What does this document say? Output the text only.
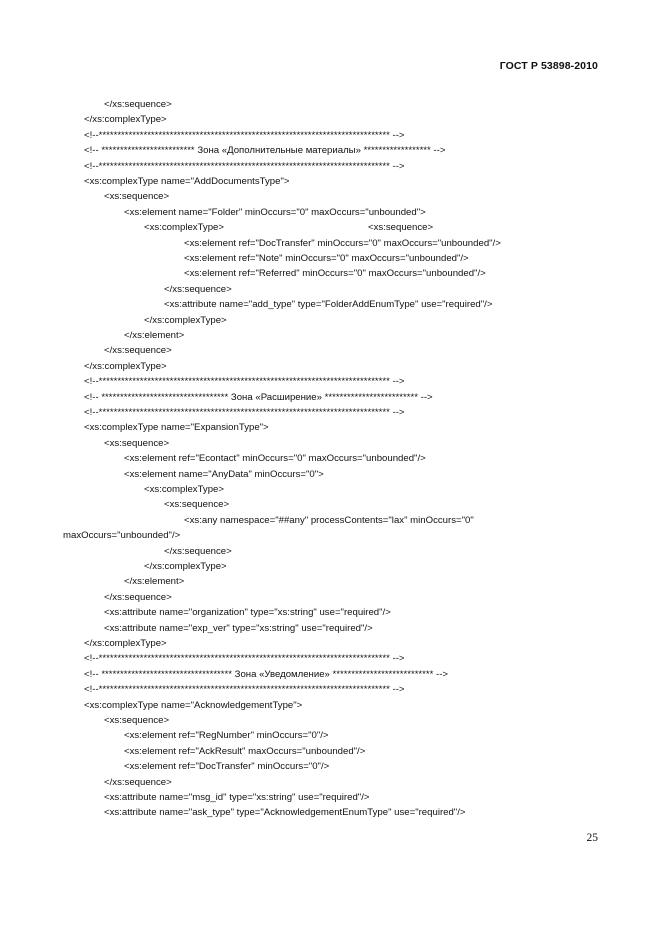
ГОСТ Р 53898-2010
</xs:sequence>
</xs:complexType>
<!--****************************************************************************** -->
<!-- ************************* Зона «Дополнительные материалы» ****************** -->
<!--****************************************************************************** -->
<xs:complexType name="AddDocumentsType">
<xs:sequence>
<xs:element name="Folder" minOccurs="0" maxOccurs="unbounded">
<xs:complexType>	<xs:sequence>
<xs:element ref="DocTransfer" minOccurs="0" maxOccurs="unbounded"/>
<xs:element ref="Note" minOccurs="0" maxOccurs="unbounded"/>
<xs:element ref="Referred" minOccurs="0" maxOccurs="unbounded"/>
</xs:sequence>
<xs:attribute name="add_type" type="FolderAddEnumType" use="required"/>
</xs:complexType>
</xs:element>
</xs:sequence>
</xs:complexType>
<!--****************************************************************************** -->
<!-- ********************************** Зона «Расширение» ************************* -->
<!--****************************************************************************** -->
<xs:complexType name="ExpansionType">
<xs:sequence>
<xs:element ref="Econtact" minOccurs="0" maxOccurs="unbounded"/>
<xs:element name="AnyData" minOccurs="0">
<xs:complexType>
<xs:sequence>
<xs:any namespace="##any" processContents="lax" minOccurs="0"
maxOccurs="unbounded"/>
</xs:sequence>
</xs:complexType>
</xs:element>
</xs:sequence>
<xs:attribute name="organization" type="xs:string" use="required"/>
<xs:attribute name="exp_ver" type="xs:string" use="required"/>
</xs:complexType>
<!--****************************************************************************** -->
<!-- *********************************** Зона «Уведомление» *************************** -->
<!--****************************************************************************** -->
<xs:complexType name="AcknowledgementType">
<xs:sequence>
<xs:element ref="RegNumber" minOccurs="0"/>
<xs:element ref="AckResult" maxOccurs="unbounded"/>
<xs:element ref="DocTransfer" minOccurs="0"/>
</xs:sequence>
<xs:attribute name="msg_id" type="xs:string" use="required"/>
<xs:attribute name="ask_type" type="AcknowledgementEnumType" use="required"/>
25
